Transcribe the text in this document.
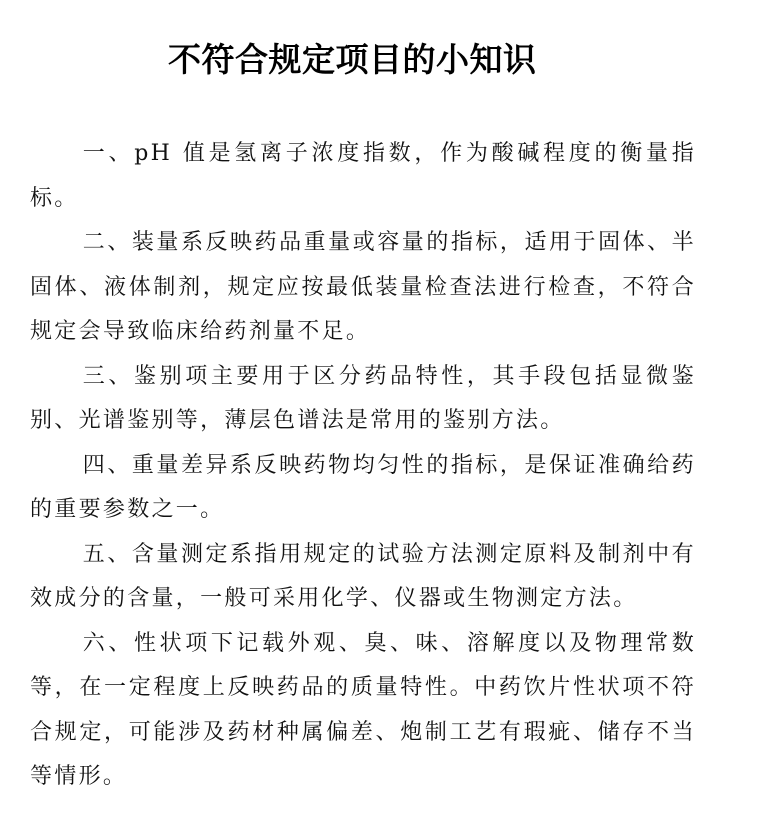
不符合规定项目的小知识

一、pH 值是氢离子浓度指数，作为酸碱程度的衡量指标。

二、装量系反映药品重量或容量的指标，适用于固体、半固体、液体制剂，规定应按最低装量检查法进行检查，不符合规定会导致临床给药剂量不足。

三、鉴别项主要用于区分药品特性，其手段包括显微鉴别、光谱鉴别等，薄层色谱法是常用的鉴别方法。

四、重量差异系反映药物均匀性的指标，是保证准确给药的重要参数之一。

五、含量测定系指用规定的试验方法测定原料及制剂中有效成分的含量，一般可采用化学、仪器或生物测定方法。

六、性状项下记载外观、臭、味、溶解度以及物理常数等，在一定程度上反映药品的质量特性。中药饮片性状项不符合规定，可能涉及药材种属偏差、炮制工艺有瑕疵、储存不当等情形。
